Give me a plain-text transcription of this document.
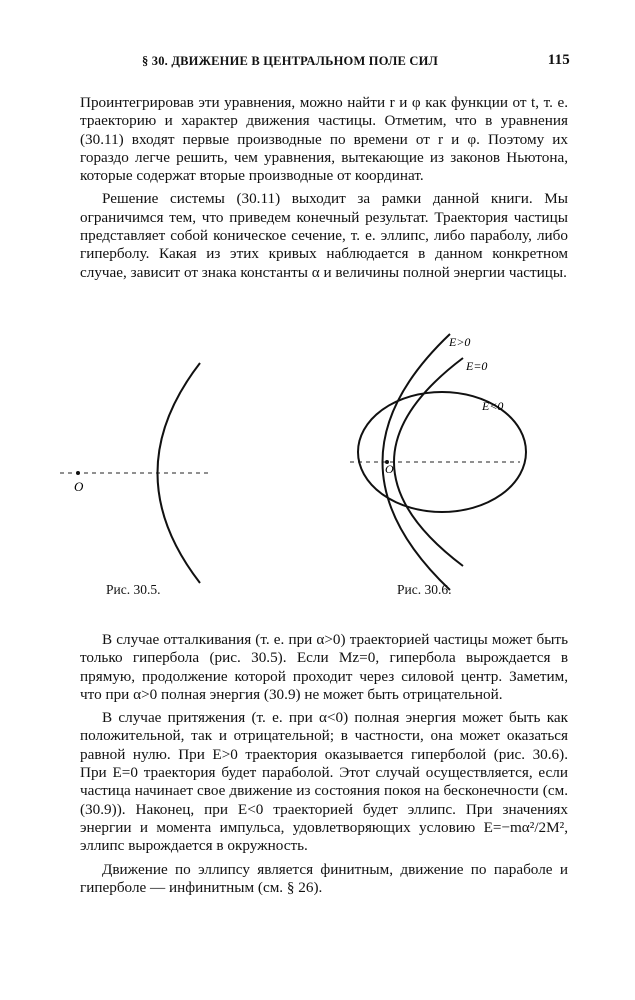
§ 30. ДВИЖЕНИЕ В ЦЕНТРАЛЬНОМ ПОЛЕ СИЛ	115

Проинтегрировав эти уравнения, можно найти r и φ как функции от t, т. е. траекторию и характер движения частицы. Отметим, что в уравнения (30.11) входят первые производные по времени от r и φ. Поэтому их гораздо легче решить, чем уравнения, вытекающие из законов Ньютона, которые содержат вторые производные от координат.

Решение системы (30.11) выходит за рамки данной книги. Мы ограничимся тем, что приведем конечный результат. Траектория частицы представляет собой коническое сечение, т. е. эллипс, либо параболу, либо гиперболу. Какая из этих кривых наблюдается в данном конкретном случае, зависит от знака константы α и величины полной энергии частицы.

O
Рис. 30.5.
O
E>0
E=0
E<0
Рис. 30.6.

В случае отталкивания (т. е. при α>0) траекторией частицы может быть только гипербола (рис. 30.5). Если Mz=0, гипербола вырождается в прямую, продолжение которой проходит через силовой центр. Заметим, что при α>0 полная энергия (30.9) не может быть отрицательной.

В случае притяжения (т. е. при α<0) полная энергия может быть как положительной, так и отрицательной; в частности, она может оказаться равной нулю. При E>0 траектория оказывается гиперболой (рис. 30.6). При E=0 траектория будет параболой. Этот случай осуществляется, если частица начинает свое движение из состояния покоя на бесконечности (см. (30.9)). Наконец, при E<0 траекторией будет эллипс. При значениях энергии и момента импульса, удовлетворяющих условию E=−mα²/2M², эллипс вырождается в окружность.

Движение по эллипсу является финитным, движение по параболе и гиперболе — инфинитным (см. § 26).
